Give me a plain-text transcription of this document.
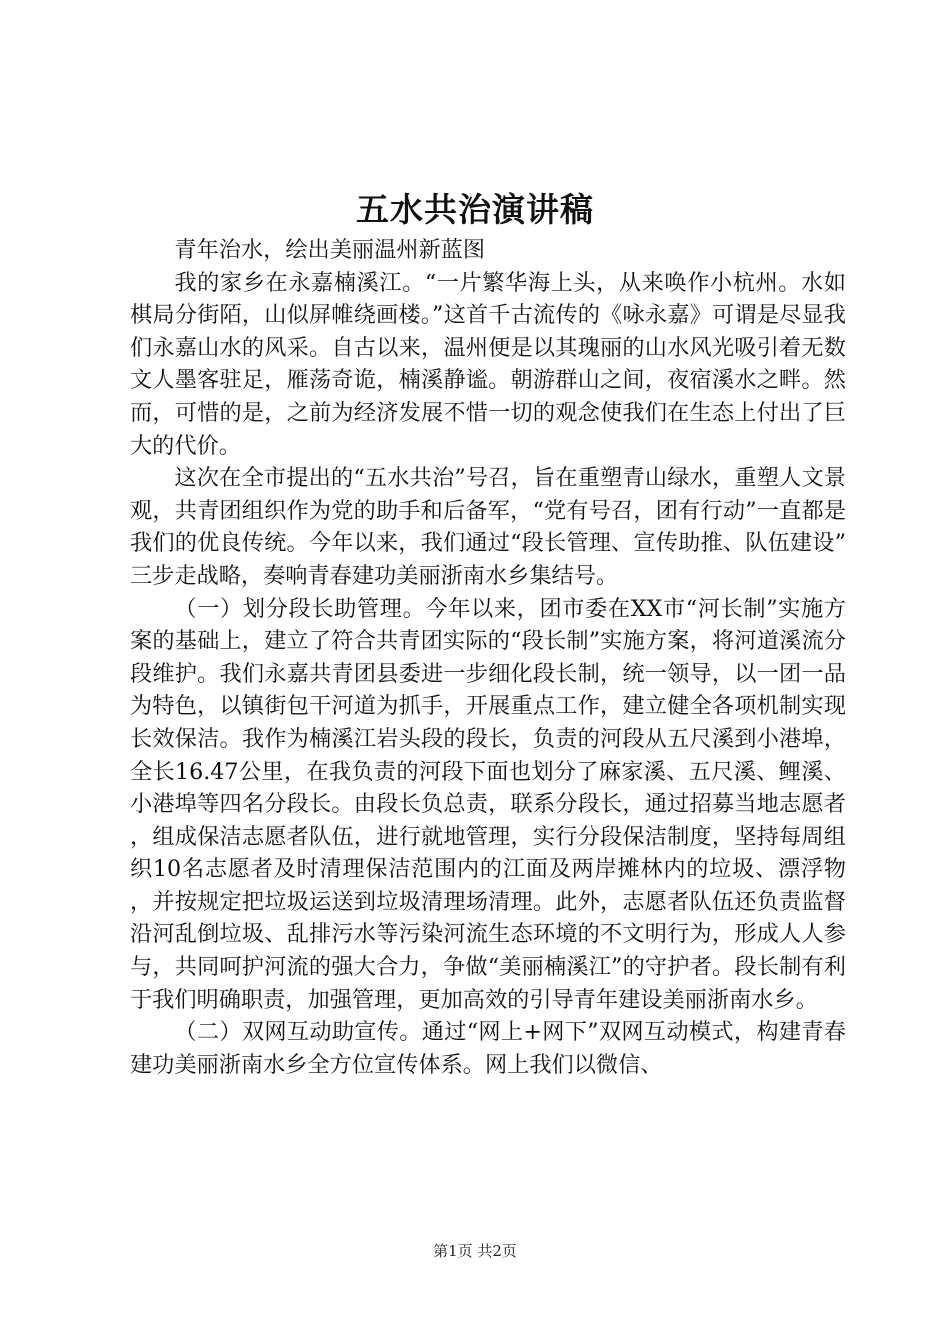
五水共治演讲稿

青年治水，绘出美丽温州新蓝图

我的家乡在永嘉楠溪江。“一片繁华海上头，从来唤作小杭州。水如棋局分街陌，山似屏帷绕画楼。”这首千古流传的《咏永嘉》可谓是尽显我们永嘉山水的风采。自古以来，温州便是以其瑰丽的山水风光吸引着无数文人墨客驻足，雁荡奇诡，楠溪静谧。朝游群山之间，夜宿溪水之畔。然而，可惜的是，之前为经济发展不惜一切的观念使我们在生态上付出了巨大的代价。

这次在全市提出的“五水共治”号召，旨在重塑青山绿水，重塑人文景观，共青团组织作为党的助手和后备军，“党有号召，团有行动”一直都是我们的优良传统。今年以来，我们通过“段长管理、宣传助推、队伍建设”三步走战略，奏响青春建功美丽浙南水乡集结号。

（一）划分段长助管理。今年以来，团市委在XX市“河长制”实施方案的基础上，建立了符合共青团实际的“段长制”实施方案，将河道溪流分段维护。我们永嘉共青团县委进一步细化段长制，统一领导，以一团一品为特色，以镇街包干河道为抓手，开展重点工作，建立健全各项机制实现长效保洁。我作为楠溪江岩头段的段长，负责的河段从五尺溪到小港埠，全长16.47公里，在我负责的河段下面也划分了麻家溪、五尺溪、鲤溪、小港埠等四名分段长。由段长负总责，联系分段长，通过招募当地志愿者，组成保洁志愿者队伍，进行就地管理，实行分段保洁制度，坚持每周组织10名志愿者及时清理保洁范围内的江面及两岸摊林内的垃圾、漂浮物，并按规定把垃圾运送到垃圾清理场清理。此外，志愿者队伍还负责监督沿河乱倒垃圾、乱排污水等污染河流生态环境的不文明行为，形成人人参与，共同呵护河流的强大合力，争做“美丽楠溪江”的守护者。段长制有利于我们明确职责，加强管理，更加高效的引导青年建设美丽浙南水乡。

（二）双网互动助宣传。通过“网上+网下”双网互动模式，构建青春建功美丽浙南水乡全方位宣传体系。网上我们以微信、

第1页 共2页
